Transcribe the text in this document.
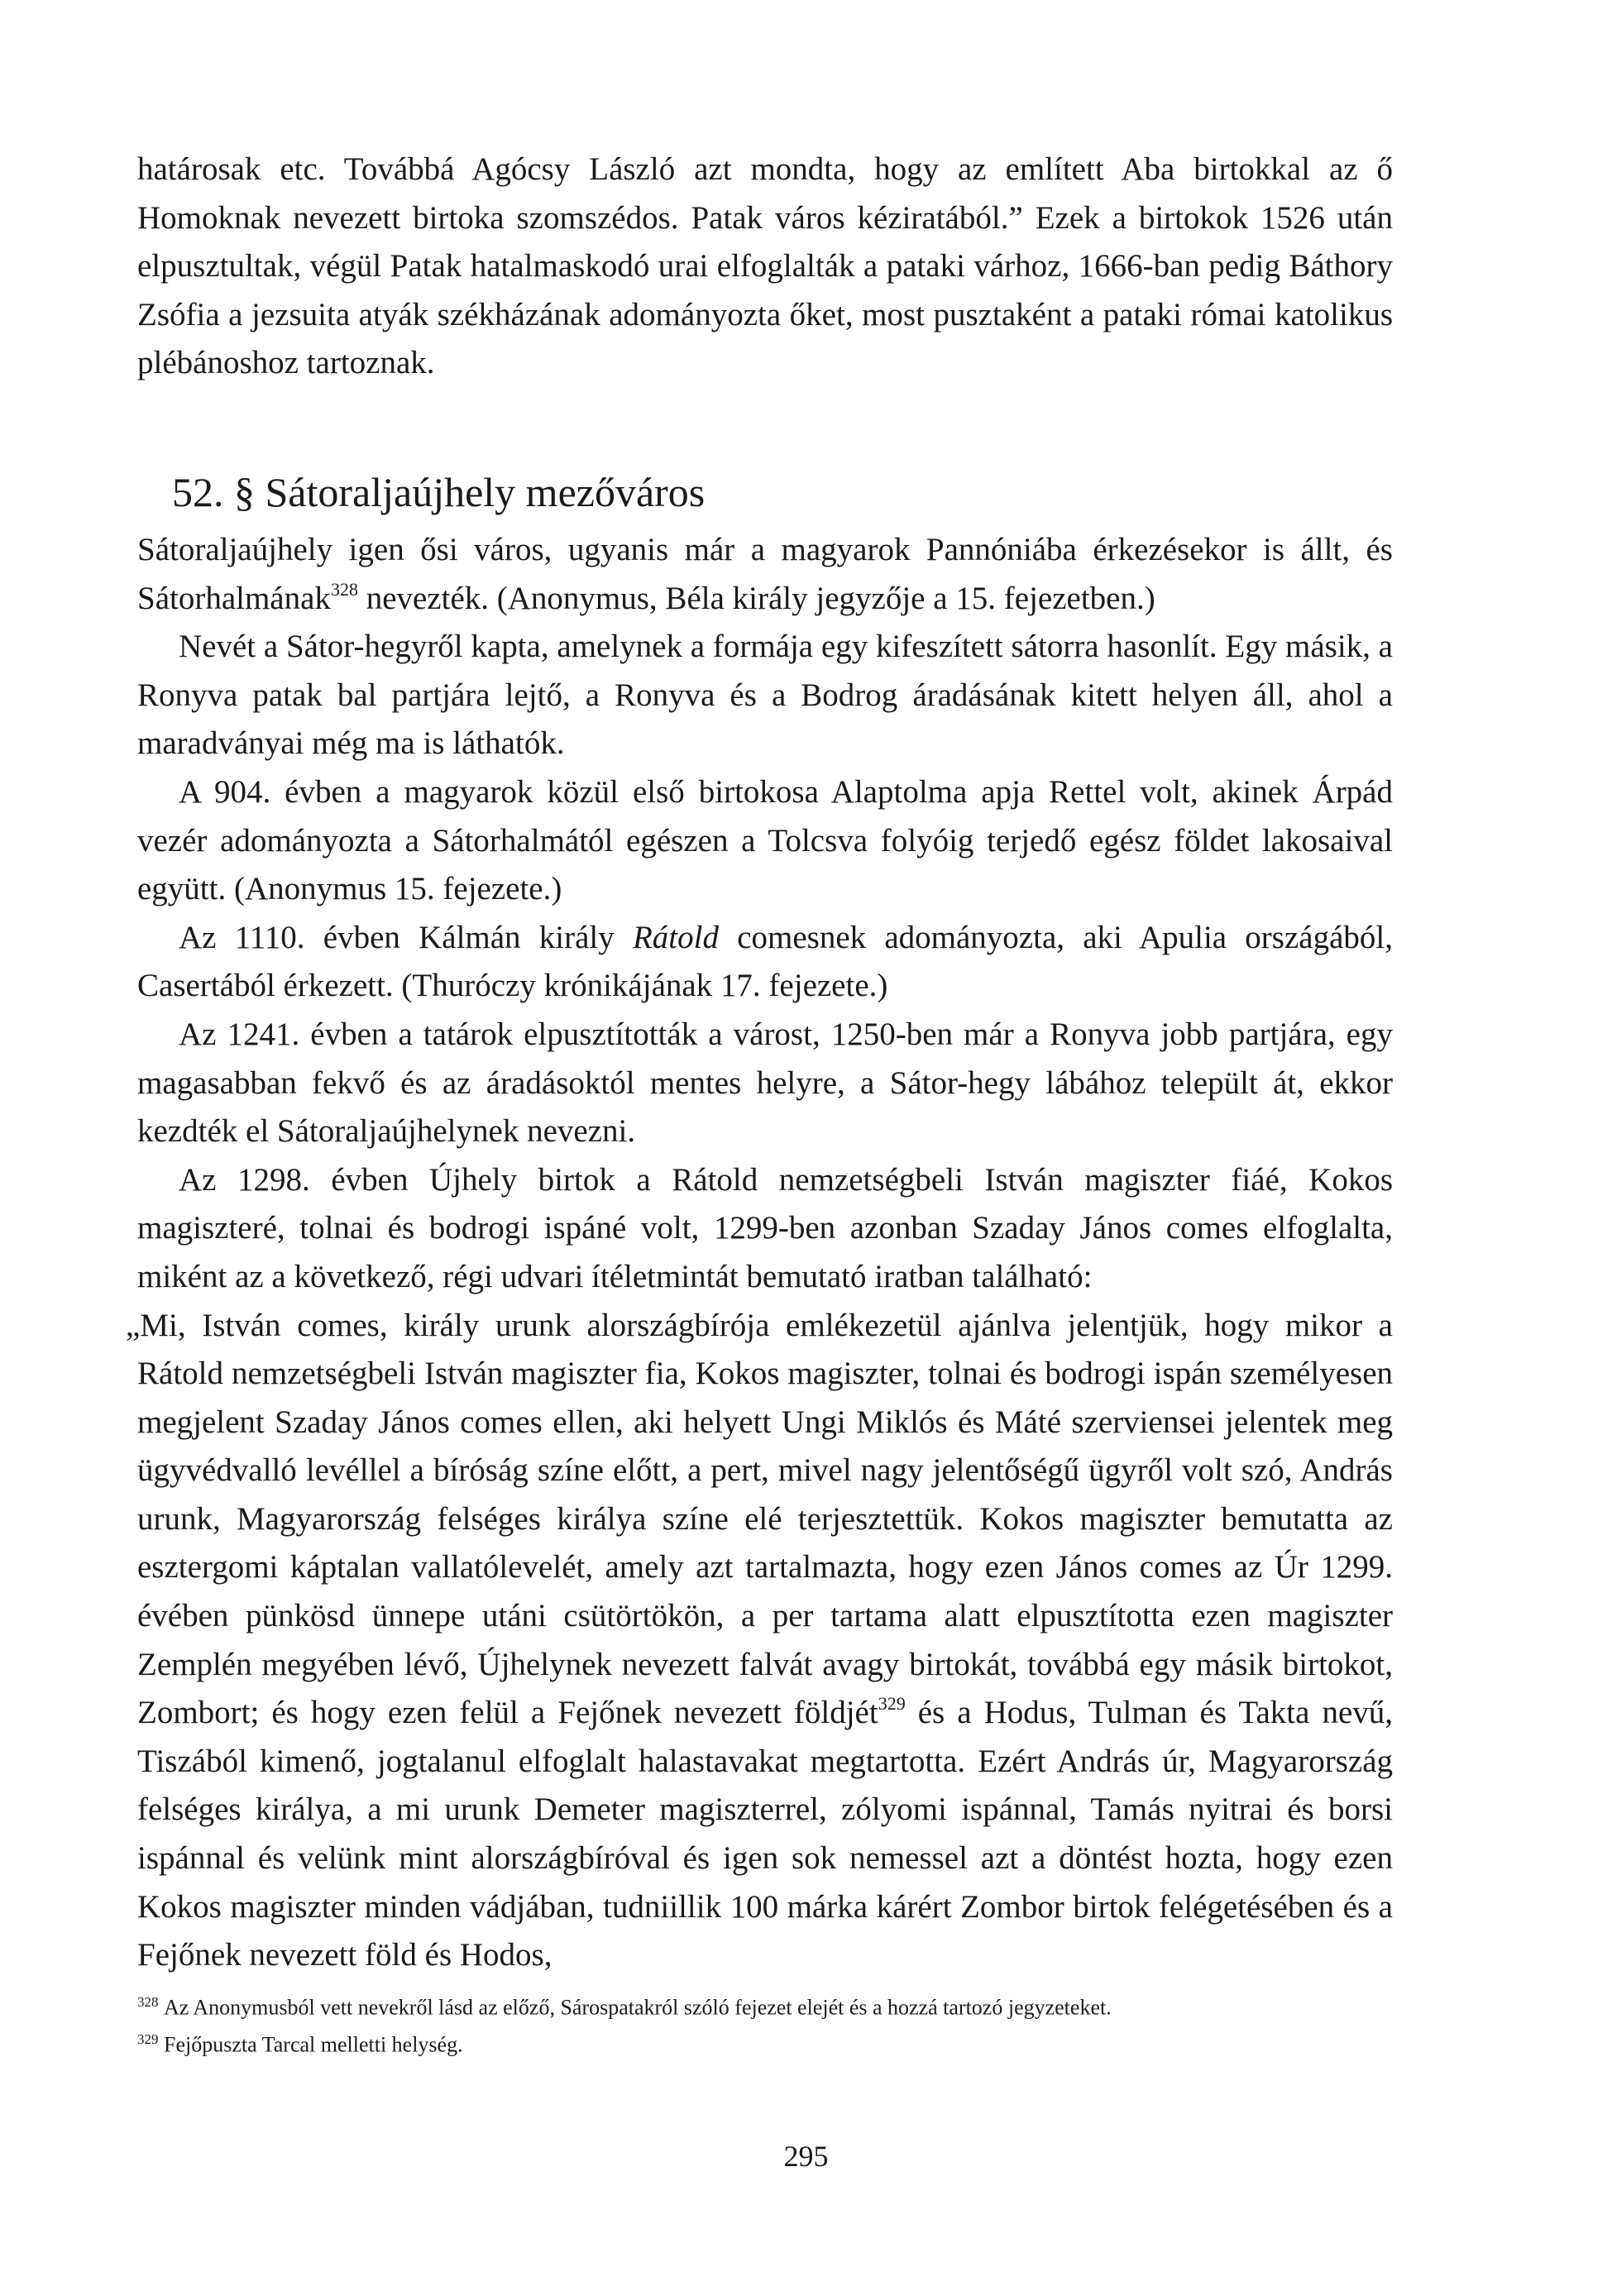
határosak etc. Továbbá Agócsy László azt mondta, hogy az említett Aba birtokkal az ő Homoknak nevezett birtoka szomszédos. Patak város kéziratából.” Ezek a birtokok 1526 után elpusztultak, végül Patak hatalmaskodó urai elfoglalták a pataki várhoz, 1666-ban pedig Báthory Zsófia a jezsuita atyák székházának adományozta őket, most pusztaként a pataki római katolikus plébánoshoz tartoznak.

52. § Sátoraljaújhely mezőváros

Sátoraljaújhely igen ősi város, ugyanis már a magyarok Pannóniába érkezésekor is állt, és Sátorhalmának$^{328}$ nevezték. (Anonymus, Béla király jegyzője a 15. fejezetben.)

Nevét a Sátor-hegyről kapta, amelynek a formája egy kifeszített sátorra hasonlít. Egy másik, a Ronyva patak bal partjára lejtő, a Ronyva és a Bodrog áradásának kitett helyen áll, ahol a maradványai még ma is láthatók.

A 904. évben a magyarok közül első birtokosa Alaptolma apja Rettel volt, akinek Árpád vezér adományozta a Sátorhalmától egészen a Tolcsva folyóig terjedő egész földet lakosaival együtt. (Anonymus 15. fejezete.)

Az 1110. évben Kálmán király Rátold comesnek adományozta, aki Apulia országából, Casertából érkezett. (Thuróczy krónikájának 17. fejezete.)

Az 1241. évben a tatárok elpusztították a várost, 1250-ben már a Ronyva jobb partjára, egy magasabban fekvő és az áradásoktól mentes helyre, a Sátor-hegy lábához települt át, ekkor kezdték el Sátoraljaújhelynek nevezni.

Az 1298. évben Újhely birtok a Rátold nemzetségbeli István magiszter fiáé, Kokos magiszteré, tolnai és bodrogi ispáné volt, 1299-ben azonban Szaday János comes elfoglalta, miként az a következő, régi udvari ítéletmintát bemutató iratban található:

„Mi, István comes, király urunk alországbírója emlékezetül ajánlva jelentjük, hogy mikor a Rátold nemzetségbeli István magiszter fia, Kokos magiszter, tolnai és bodrogi ispán személyesen megjelent Szaday János comes ellen, aki helyett Ungi Miklós és Máté szerviensei jelentek meg ügyvédvalló levéllel a bíróság színe előtt, a pert, mivel nagy jelentőségű ügyről volt szó, András urunk, Magyarország felséges királya színe elé terjesztettük. Kokos magiszter bemutatta az esztergomi káptalan vallatólevelét, amely azt tartalmazta, hogy ezen János comes az Úr 1299. évében pünkösd ünnepe utáni csütörtökön, a per tartama alatt elpusztította ezen magiszter Zemplén megyében lévő, Újhelynek nevezett falvát avagy birtokát, továbbá egy másik birtokot, Zombort; és hogy ezen felül a Fejőnek nevezett földjét$^{329}$ és a Hodus, Tulman és Takta nevű, Tiszából kimenő, jogtalanul elfoglalt halastavakat megtartotta. Ezért András úr, Magyarország felséges királya, a mi urunk Demeter magiszterrel, zólyomi ispánnal, Tamás nyitrai és borsi ispánnal és velünk mint alországbíróval és igen sok nemessel azt a döntést hozta, hogy ezen Kokos magiszter minden vádjában, tudniillik 100 márka kárért Zombor birtok felégetésében és a Fejőnek nevezett föld és Hodos,

328 Az Anonymusból vett nevekről lásd az előző, Sárospatakról szóló fejezet elejét és a hozzá tartozó jegyzeteket.

329 Fejőpuszta Tarcal melletti helység.

295
